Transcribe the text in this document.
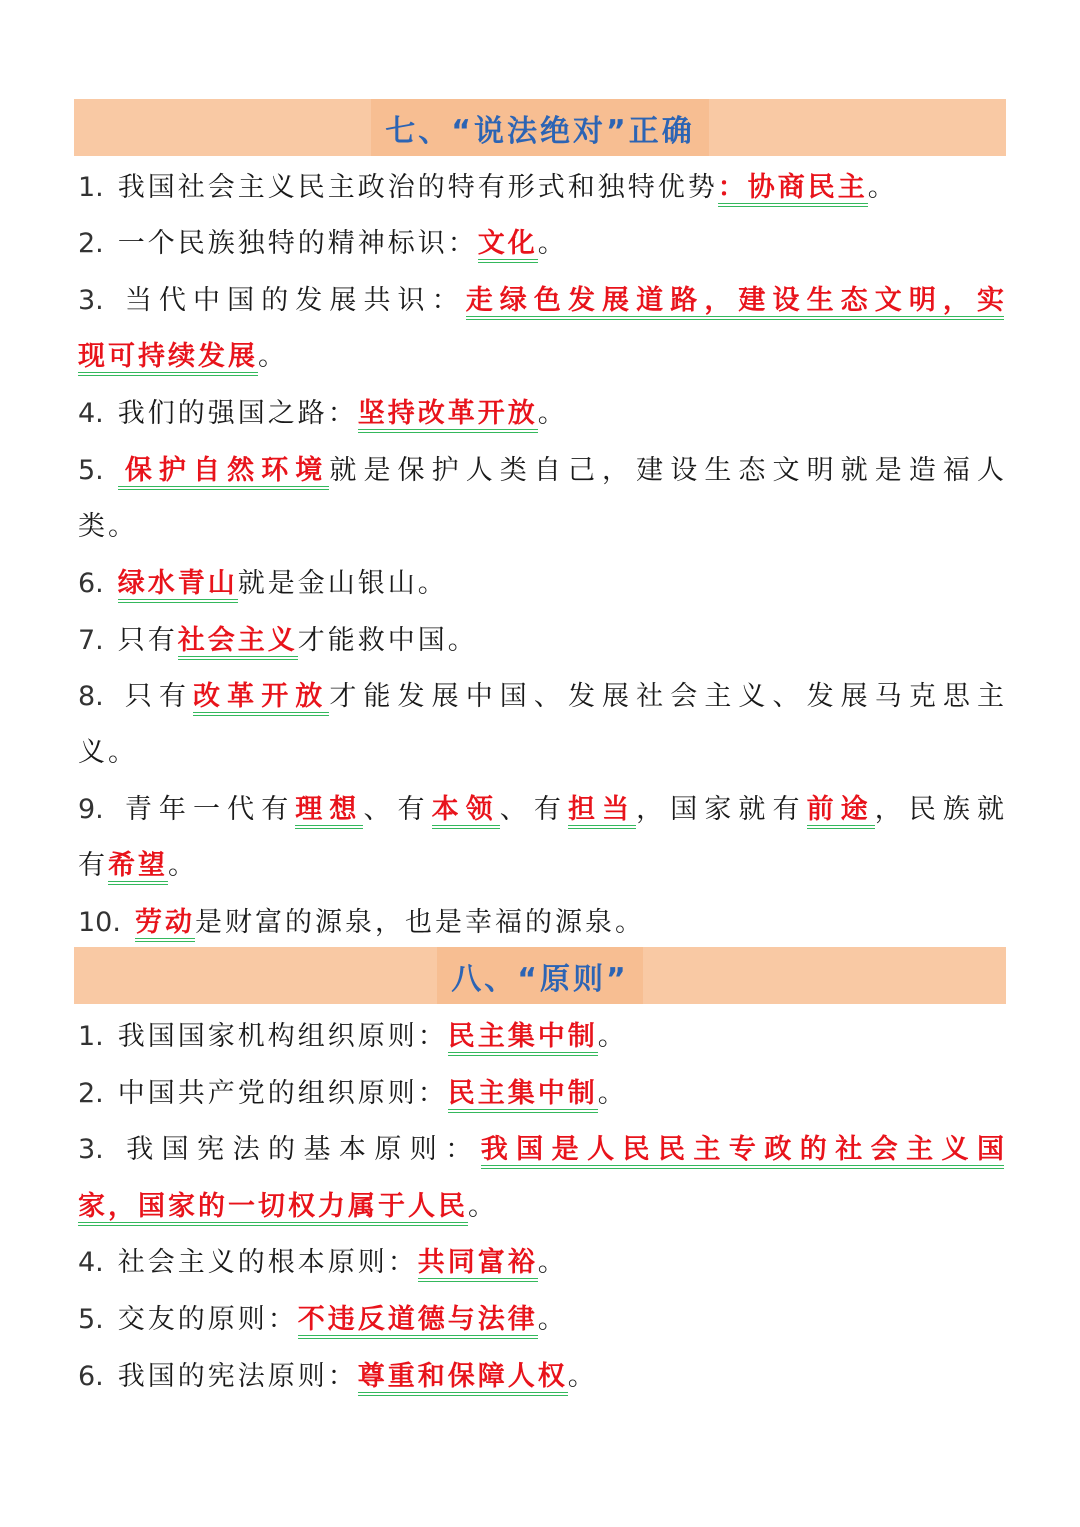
七、“说法绝对”正确
八、“原则”
1. 我国社会主义民主政治的特有形式和独特优势：协商民主。
2. 一个民族独特的精神标识：文化。
3. 当代中国的发展共识：走绿色发展道路，建设生态文明，实
现可持续发展。
4. 我们的强国之路：坚持改革开放。
5. 保护自然环境就是保护人类自己，建设生态文明就是造福人
类。
6. 绿水青山就是金山银山。
7. 只有社会主义才能救中国。
8. 只有改革开放才能发展中国、发展社会主义、发展马克思主
义。
9. 青年一代有理想、有本领、有担当，国家就有前途，民族就
有希望。
10. 劳动是财富的源泉，也是幸福的源泉。
1. 我国国家机构组织原则：民主集中制。
2. 中国共产党的组织原则：民主集中制。
3. 我国宪法的基本原则：我国是人民民主专政的社会主义国
家，国家的一切权力属于人民。
4. 社会主义的根本原则：共同富裕。
5. 交友的原则：不违反道德与法律。
6. 我国的宪法原则：尊重和保障人权。
